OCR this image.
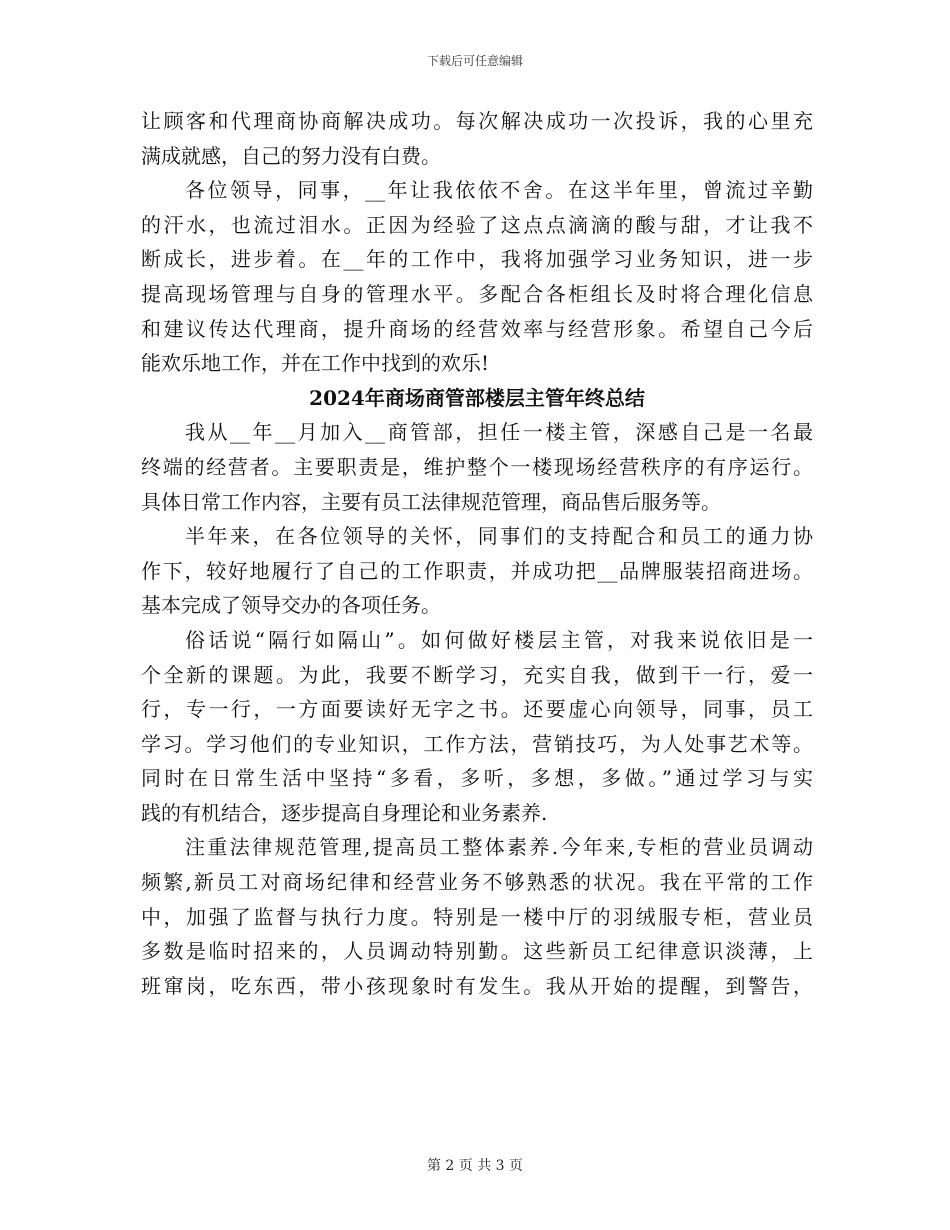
下载后可任意编辑
让顾客和代理商协商解决成功。每次解决成功一次投诉，我的心里充
满成就感，自己的努力没有白费。
各位领导，同事，__年让我依依不舍。在这半年里，曾流过辛勤
的汗水，也流过泪水。正因为经验了这点点滴滴的酸与甜，才让我不
断成长，进步着。在__年的工作中，我将加强学习业务知识，进一步
提高现场管理与自身的管理水平。多配合各柜组长及时将合理化信息
和建议传达代理商，提升商场的经营效率与经营形象。希望自己今后
能欢乐地工作，并在工作中找到的欢乐!
2024年商场商管部楼层主管年终总结
我从__年__月加入__商管部，担任一楼主管，深感自己是一名最
终端的经营者。主要职责是，维护整个一楼现场经营秩序的有序运行。
具体日常工作内容，主要有员工法律规范管理，商品售后服务等。
半年来，在各位领导的关怀，同事们的支持配合和员工的通力协
作下，较好地履行了自己的工作职责，并成功把__品牌服装招商进场。
基本完成了领导交办的各项任务。
俗话说“隔行如隔山”。如何做好楼层主管，对我来说依旧是一
个全新的课题。为此，我要不断学习，充实自我，做到干一行，爱一
行，专一行，一方面要读好无字之书。还要虚心向领导，同事，员工
学习。学习他们的专业知识，工作方法，营销技巧，为人处事艺术等。
同时在日常生活中坚持“多看，多听，多想，多做。”通过学习与实
践的有机结合，逐步提高自身理论和业务素养.
注重法律规范管理,提高员工整体素养.今年来,专柜的营业员调动
频繁,新员工对商场纪律和经营业务不够熟悉的状况。我在平常的工作
中，加强了监督与执行力度。特别是一楼中厅的羽绒服专柜，营业员
多数是临时招来的，人员调动特别勤。这些新员工纪律意识淡薄，上
班窜岗，吃东西，带小孩现象时有发生。我从开始的提醒，到警告，
第 2 页 共 3 页
